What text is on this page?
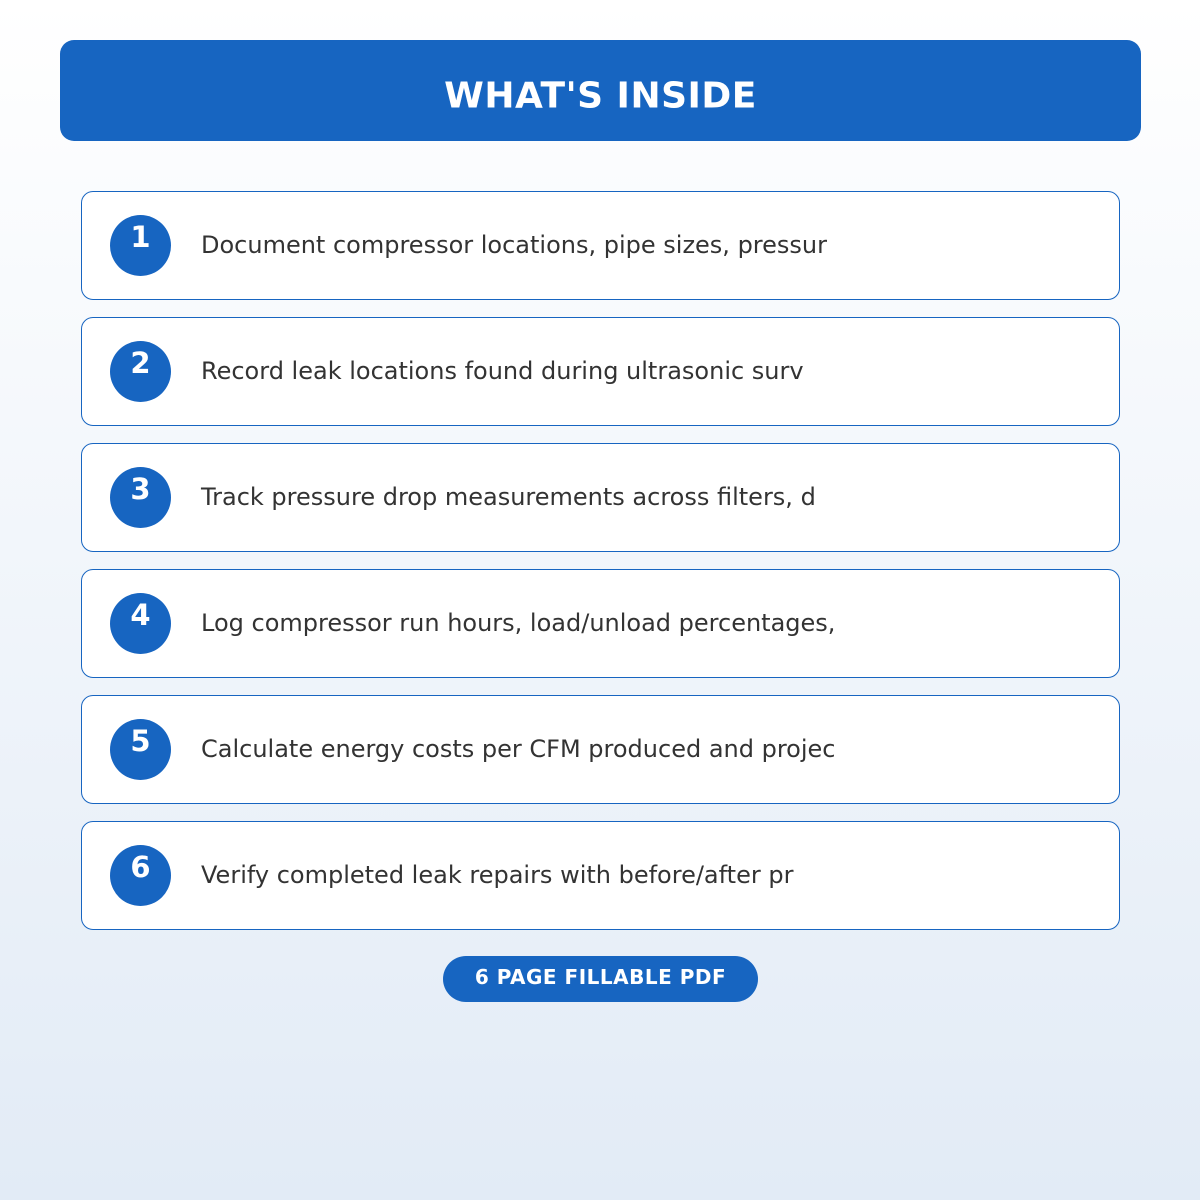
WHAT'S INSIDE
1	Document compressor locations, pipe sizes, pressur
2	Record leak locations found during ultrasonic surv
3	Track pressure drop measurements across filters, d
4	Log compressor run hours, load/unload percentages,
5	Calculate energy costs per CFM produced and projec
6	Verify completed leak repairs with before/after pr
6 PAGE FILLABLE PDF
